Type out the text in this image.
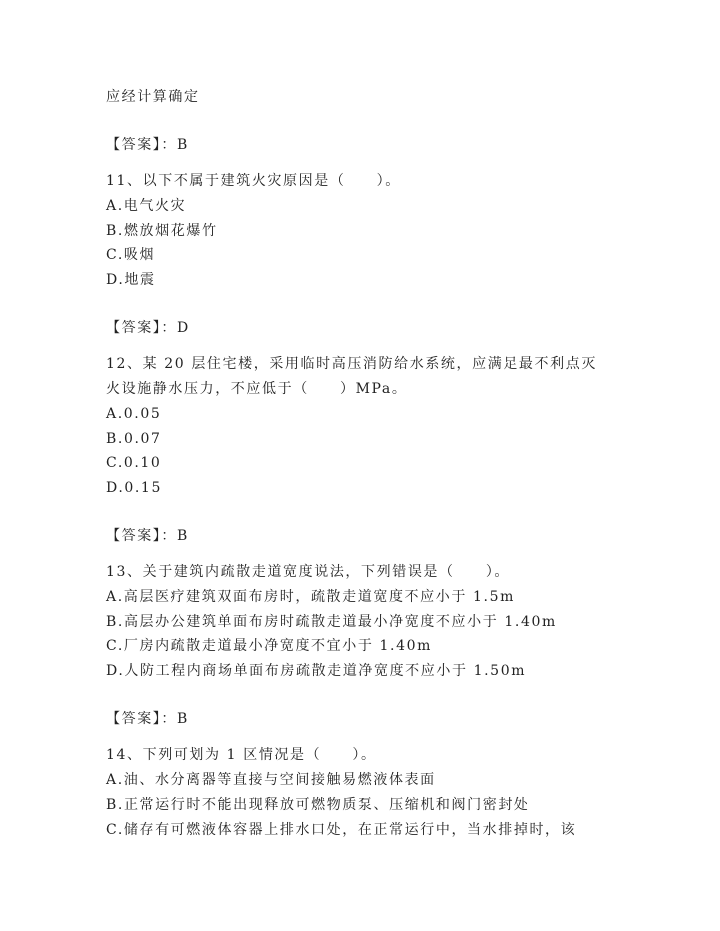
应经计算确定
【答案】：B
11、以下不属于建筑火灾原因是（　　）。
A.电气火灾
B.燃放烟花爆竹
C.吸烟
D.地震
【答案】：D
12、某 20 层住宅楼，采用临时高压消防给水系统，应满足最不利点灭
火设施静水压力，不应低于（　　）MPa。
A.0.05
B.0.07
C.0.10
D.0.15
【答案】：B
13、关于建筑内疏散走道宽度说法，下列错误是（　　）。
A.高层医疗建筑双面布房时，疏散走道宽度不应小于 1.5m
B.高层办公建筑单面布房时疏散走道最小净宽度不应小于 1.40m
C.厂房内疏散走道最小净宽度不宜小于 1.40m
D.人防工程内商场单面布房疏散走道净宽度不应小于 1.50m
【答案】：B
14、下列可划为 1 区情况是（　　）。
A.油、水分离器等直接与空间接触易燃液体表面
B.正常运行时不能出现释放可燃物质泵、压缩机和阀门密封处
C.储存有可燃液体容器上排水口处，在正常运行中，当水排掉时，该
